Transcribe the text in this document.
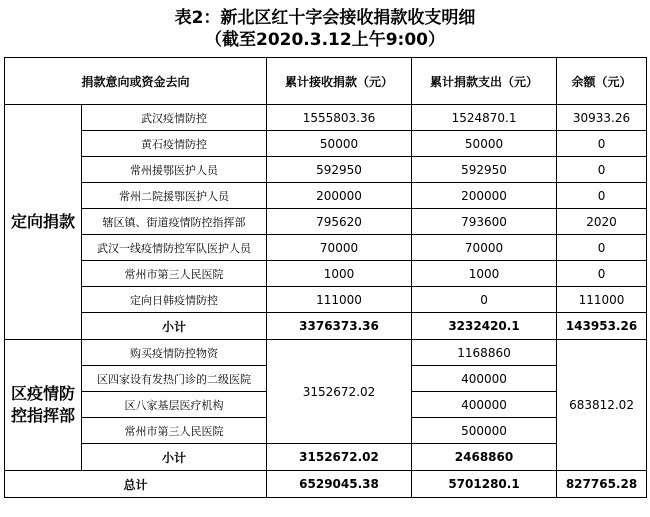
表2：新北区红十字会接收捐款收支明细
（截至2020.3.12上午9:00）
捐款意向或资金去向		累计接收捐款（元）	累计捐款支出（元）	余额（元）
定向捐款	武汉疫情防控	1555803.36	1524870.1	30933.26
	黄石疫情防控	50000	50000	0
	常州援鄂医护人员	592950	592950	0
	常州二院援鄂医护人员	200000	200000	0
	辖区镇、街道疫情防控指挥部	795620	793600	2020
	武汉一线疫情防控军队医护人员	70000	70000	0
	常州市第三人民医院	1000	1000	0
	定向日韩疫情防控	111000	0	111000
	小计	3376373.36	3232420.1	143953.26
区疫情防控指挥部	购买疫情防控物资	3152672.02	1168860	683812.02
	区四家设有发热门诊的二级医院		400000	
	区八家基层医疗机构		400000	
	常州市第三人民医院		500000	
	小计	3152672.02	2468860	
总计		6529045.38	5701280.1	827765.28
